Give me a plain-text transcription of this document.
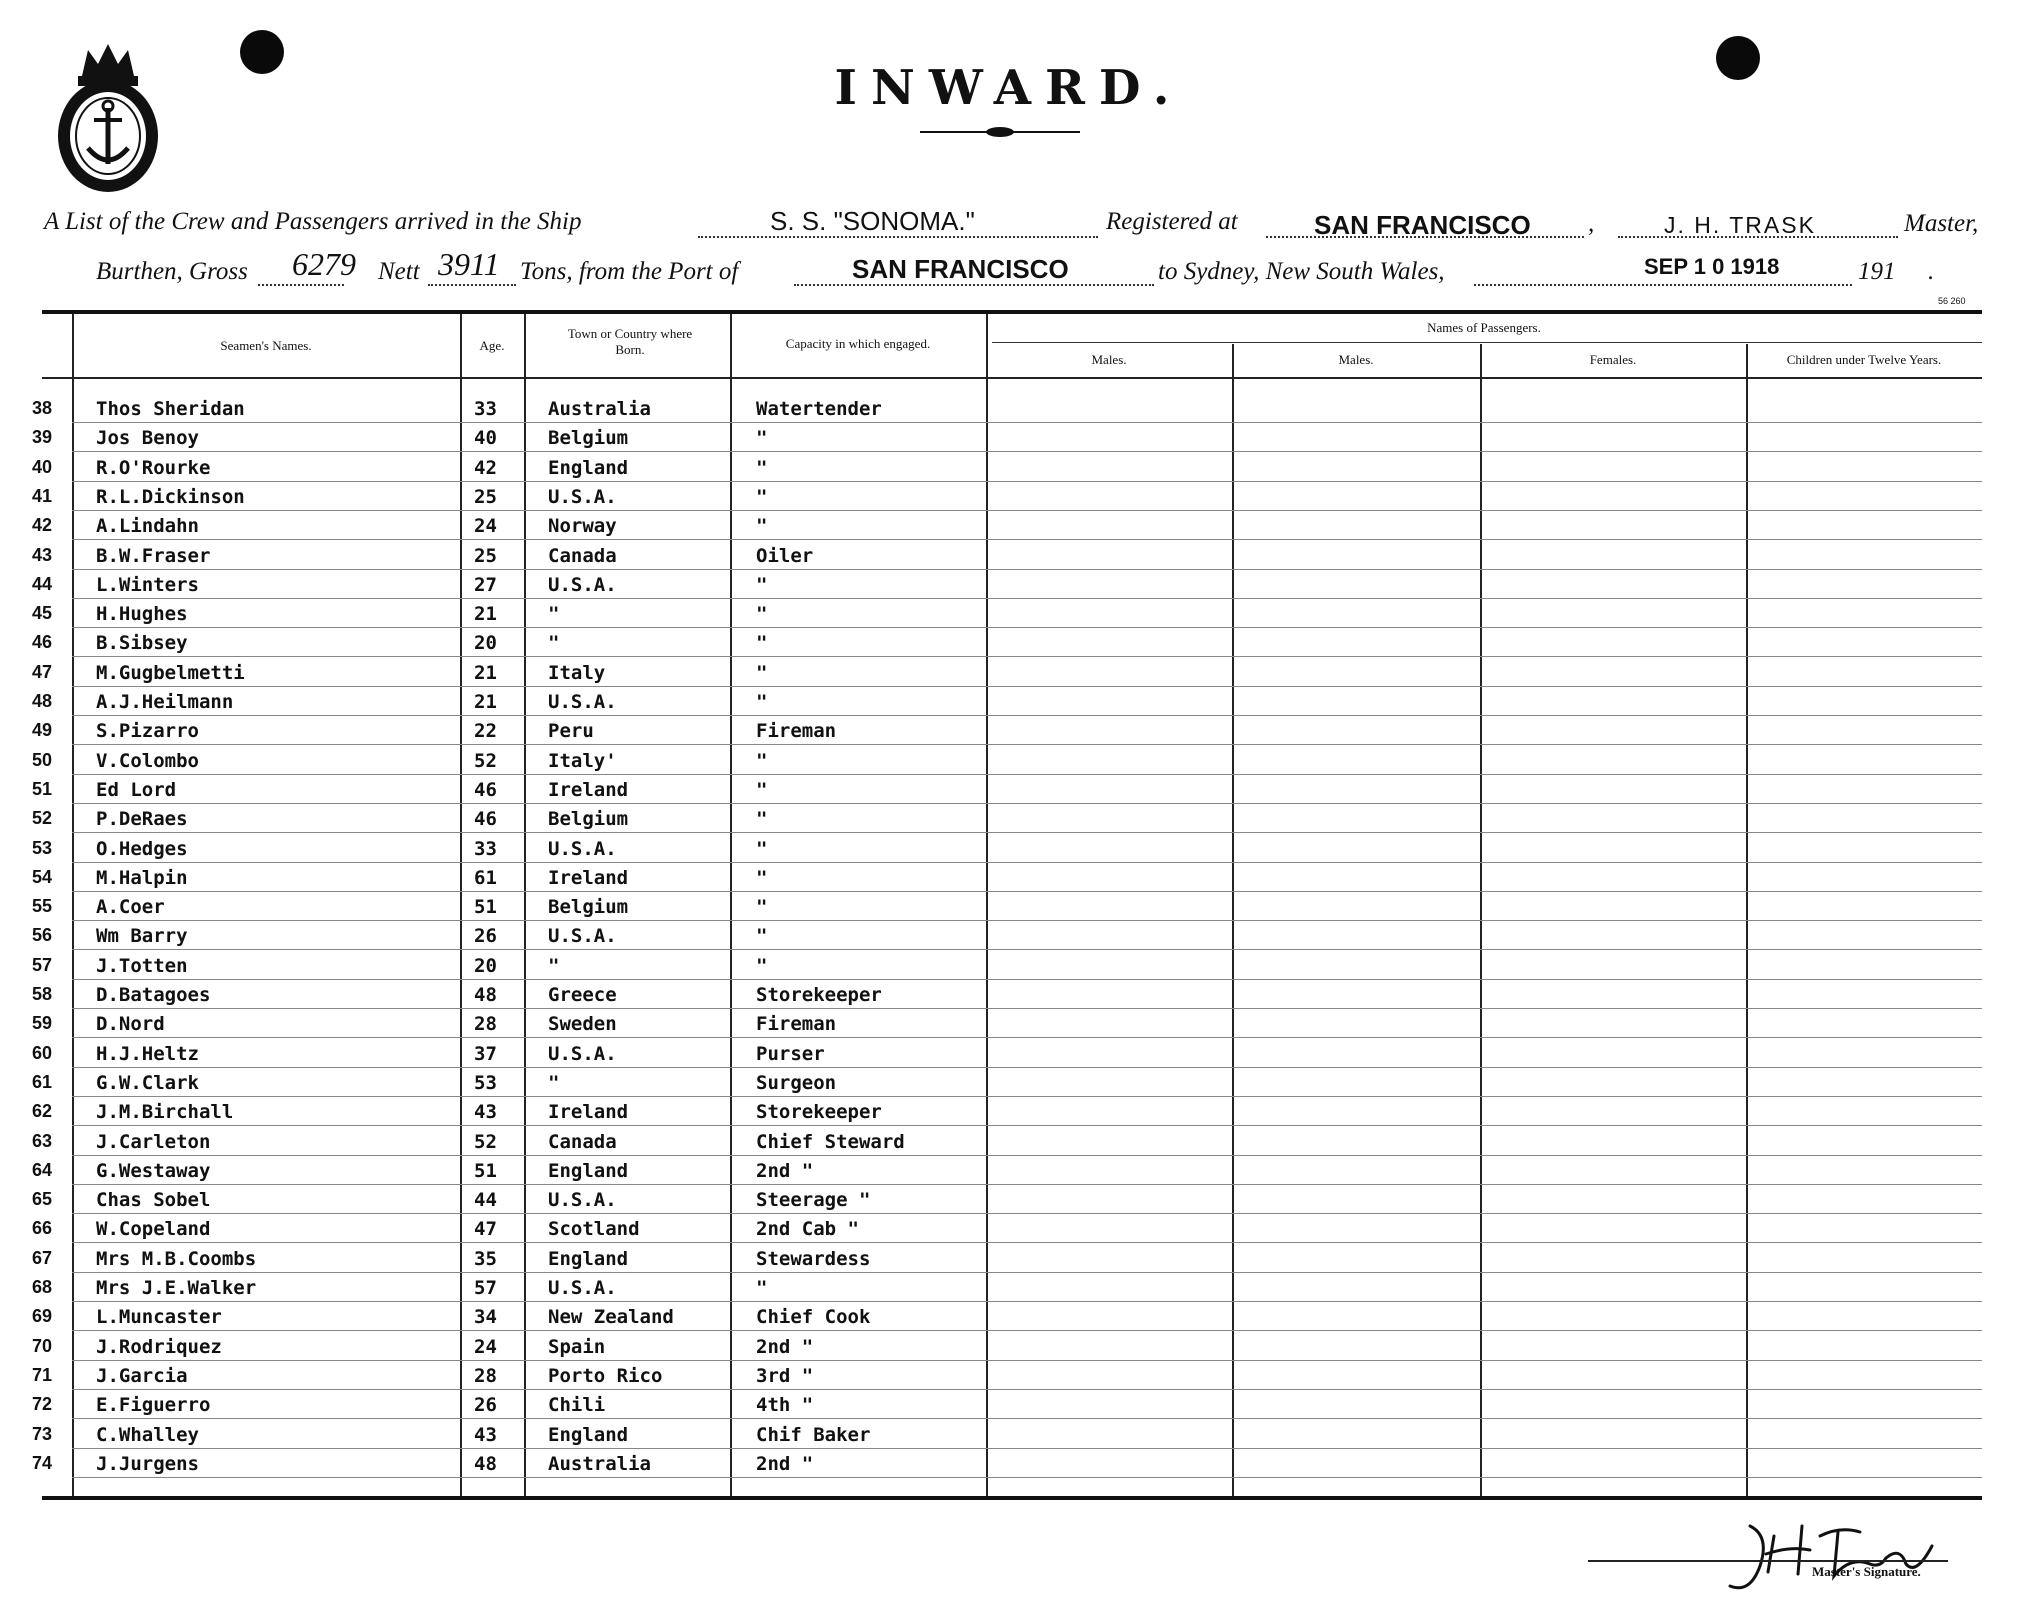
INWARD.
A List of the Crew and Passengers arrived in the Ship	S. S. "SONOMA."	Registered at	SAN FRANCISCO ,	J. H. TRASK	Master,
Burthen, Gross 6279 Nett 3911 Tons, from the Port of	SAN FRANCISCO	to Sydney, New South Wales,	SEP 1 0 1918	191 .
56 260
Seamen's Names.	Age.
Town or Country where Born.	Capacity in which engaged.
Names of Passengers.
Males.	Males.	Females.	Children under Twelve Years.
38 Thos Sheridan	33	Australia	Watertender
39 Jos Benoy	40	Belgium	"
40 R.O'Rourke	42	England	"
41 R.L.Dickinson	25	U.S.A.	"
42 A.Lindahn	24	Norway	"
43 B.W.Fraser	25	Canada	Oiler
44 L.Winters	27	U.S.A.	"
45 H.Hughes	21	"	"
46 B.Sibsey	20	"	"
47 M.Gugbelmetti	21	Italy	"
48 A.J.Heilmann	21	U.S.A.	"
49 S.Pizarro	22	Peru	Fireman
50 V.Colombo	52	Italy'	"
51 Ed Lord	46	Ireland	"
52 P.DeRaes	46	Belgium	"
53 O.Hedges	33	U.S.A.	"
54 M.Halpin	61	Ireland	"
55 A.Coer	51	Belgium	"
56 Wm Barry	26	U.S.A.	"
57 J.Totten	20	"	"
58 D.Batagoes	48	Greece	Storekeeper
59 D.Nord	28	Sweden	Fireman
60 H.J.Heltz	37	U.S.A.	Purser
61 G.W.Clark	53	"	Surgeon
62 J.M.Birchall	43	Ireland	Storekeeper
63 J.Carleton	52	Canada	Chief Steward
64 G.Westaway	51	England	2nd "
65 Chas Sobel	44	U.S.A.	Steerage "
66 W.Copeland	47	Scotland	2nd Cab "
67 Mrs M.B.Coombs	35	England	Stewardess
68 Mrs J.E.Walker	57	U.S.A.	"
69 L.Muncaster	34	New Zealand	Chief Cook
70 J.Rodriquez	24	Spain	2nd "
71 J.Garcia	28	Porto Rico	3rd "
72 E.Figuerro	26	Chili	4th "
73 C.Whalley	43	England	Chif Baker
74 J.Jurgens	48	Australia	2nd "
Master's Signature.
